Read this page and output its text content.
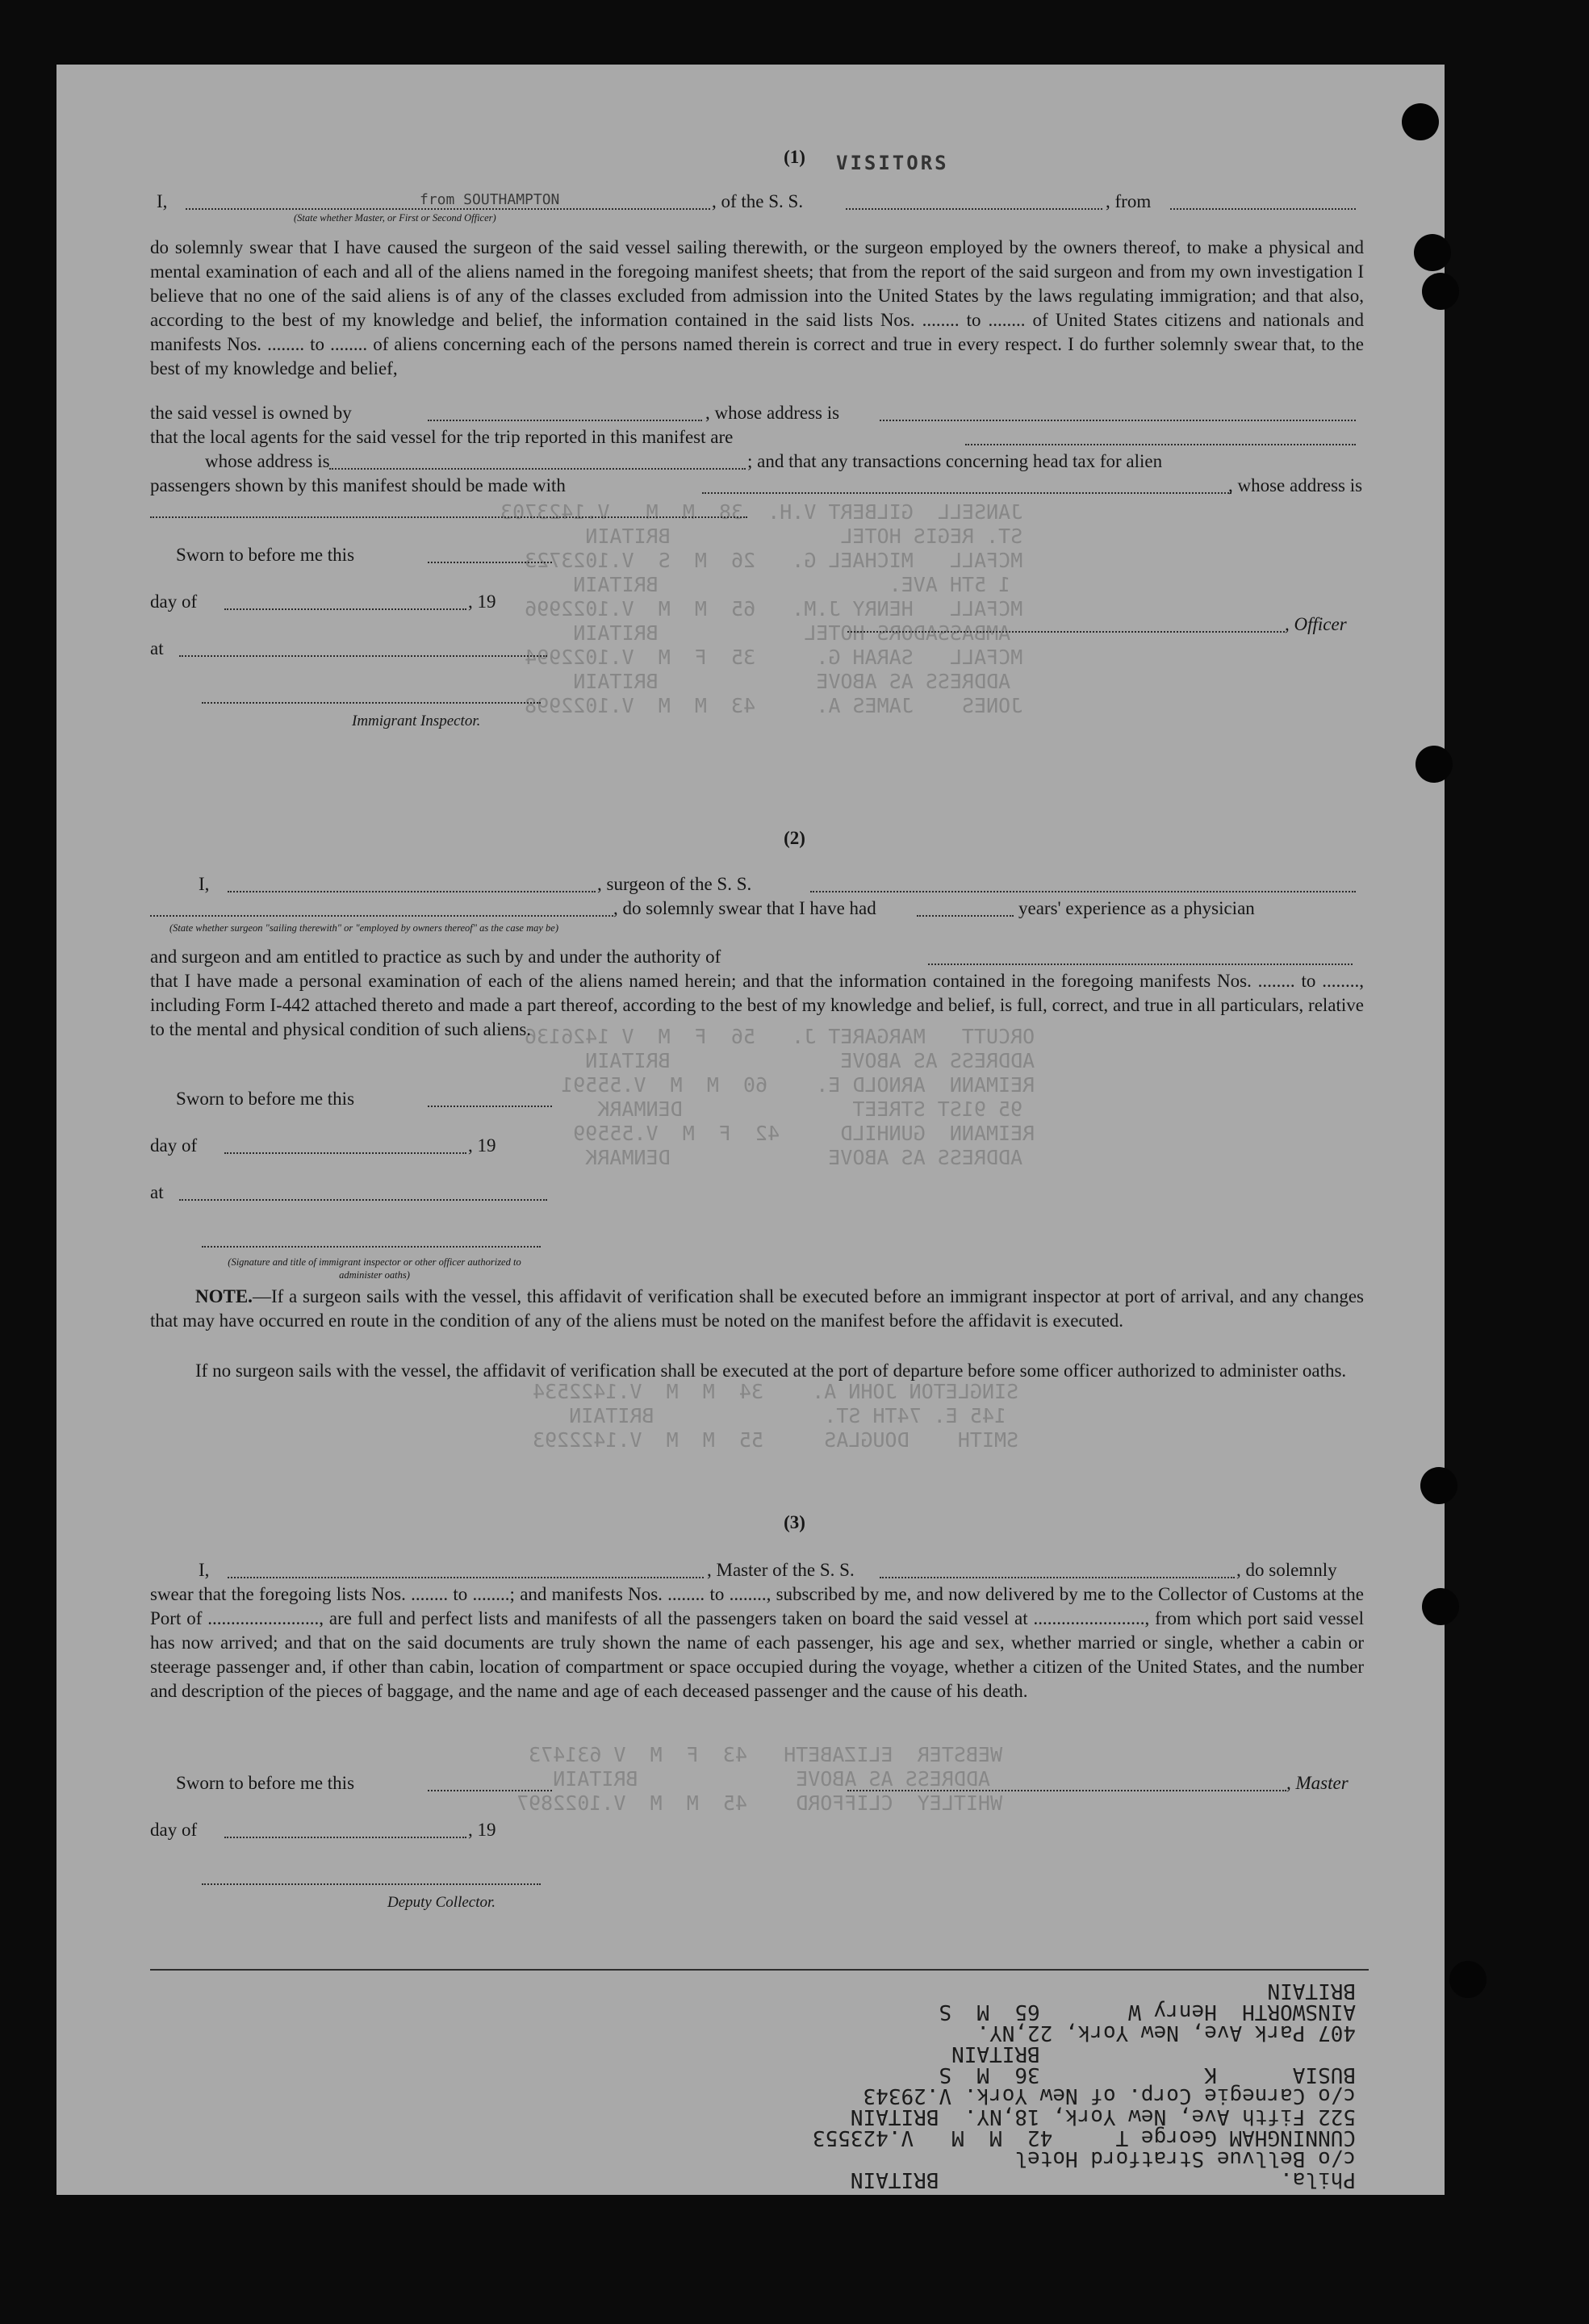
JANSELL  GILBERT V.H.  38  M  M   V.1423703
ST. REGIS HOTEL              BRITAIN
MCFALL   MICHAEL G.   26  M  S  V.1023723
1 5TH AVE.                   BRITAIN
MCFALL   HENRY J.M.   65  M  M  V.1022996
AMBASSADORS HOTEL            BRITAIN
MCFALL   SARAH G.     35  F  M  V.1022994
ADDRESS AS ABOVE             BRITAIN
JONES    JAMES A.     43  M  M  V.1022998
ORCUTT   MARGARET J.   56  F  M  V 1426136
ADDRESS AS ABOVE              BRITAIN
REIMANN  ARNOLD E.    60  M  M  V.55591
95 91ST STREET              DENMARK
REIMANN  GUNHILD     42  F  M  V.55599
ADDRESS AS ABOVE             DENMARK
SINGLETON JOHN A.    34  M  M  V.1422534
145 E. 74TH ST.              BRITAIN
SMITH    DOUGLAS     55  M  M  V.1422293
WEBSTER  ELIZABETH   43  F  M  V 631473
ADDRESS AS ABOVE             BRITAIN
WHITLEY  CLIFFORD    45  M  M  V.1022897
(1)	VISITORS
I,	from SOUTHAMPTON	, of the S. S.	, from
(State whether Master, or First or Second Officer)

do solemnly swear that I have caused the surgeon of the said vessel sailing therewith, or the surgeon employed by the owners thereof, to make a physical and mental examination of each and all of the aliens named in the foregoing manifest sheets; that from the report of the said surgeon and from my own investigation I believe that no one of the said aliens is of any of the classes excluded from admission into the United States by the laws regulating immigration; and that also, according to the best of my knowledge and belief, the information contained in the said lists Nos. ........ to ........ of United States citizens and nationals and manifests Nos. ........ to ........ of aliens concerning each of the persons named therein is correct and true in every respect. I do further solemnly swear that, to the best of my knowledge and belief,

the said vessel is owned by	, whose address is
that the local agents for the said vessel for the trip reported in this manifest are
whose address is	; and that any transactions concerning head tax for alien
passengers shown by this manifest should be made with	, whose address is
Sworn to before me this
day of	, 19
at
, Officer
Immigrant Inspector.
(2)
I,	, surgeon of the S. S.
, do solemnly swear that I have had	years' experience as a physician
(State whether surgeon "sailing therewith" or "employed by owners thereof" as the case may be)
and surgeon and am entitled to practice as such by and under the authority of

that I have made a personal examination of each of the aliens named herein; and that the information contained in the foregoing manifests Nos. ........ to ........, including Form I-442 attached thereto and made a part thereof, according to the best of my knowledge and belief, is full, correct, and true in all particulars, relative to the mental and physical condition of such aliens.

Sworn to before me this
day of	, 19
at
(Signature and title of immigrant inspector or other officer authorized to administer oaths)

NOTE.—If a surgeon sails with the vessel, this affidavit of verification shall be executed before an immigrant inspector at port of arrival, and any changes that may have occurred en route in the condition of any of the aliens must be noted on the manifest before the affidavit is executed.

If no surgeon sails with the vessel, the affidavit of verification shall be executed at the port of departure before some officer authorized to administer oaths.

(3)
I,	, Master of the S. S.	, do solemnly

swear that the foregoing lists Nos. ........ to ........; and manifests Nos. ........ to ........, subscribed by me, and now delivered by me to the Collector of Customs at the Port of ........................, are full and perfect lists and manifests of all the passengers taken on board the said vessel at ........................, from which port said vessel has now arrived; and that on the said documents are truly shown the name of each passenger, his age and sex, whether married or single, whether a cabin or steerage passenger and, if other than cabin, location of compartment or space occupied during the voyage, whether a citizen of the United States, and the number and description of the pieces of baggage, and the name and age of each deceased passenger and the cause of his death.

Sworn to before me this	, Master
day of	, 19
Deputy Collector.
BRITAIN
AINSWORTH  Henry W       65  M  S
407 Park Ave, New York, 22,NY.
BRITAIN
BUSIA      K             36  M  S
c/o Carnegie Corp. of New York. V.29343
522 Fifth Ave, New York, 18,NY.  BRITAIN
CUNNINGHAM George T     42  M  M   V.423553
c/o Bellvue Stratford Hotel
Phila.                           BRITAIN
